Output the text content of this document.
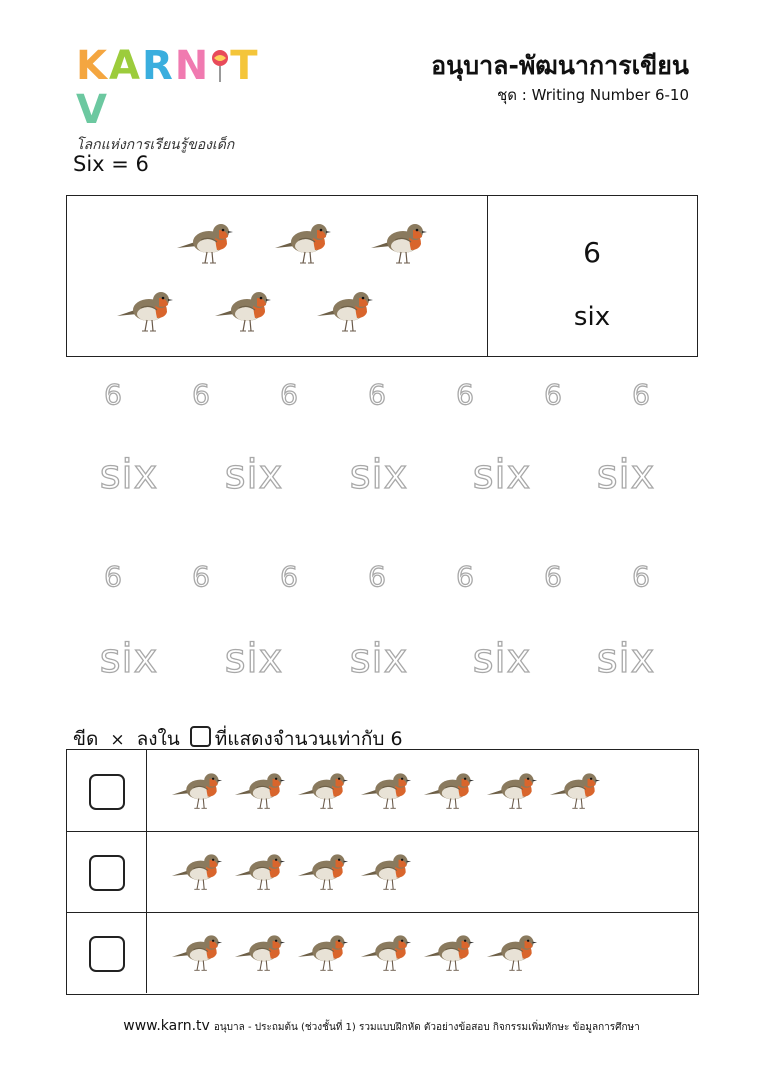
KARN TV
โลกแห่งการเรียนรู้ของเด็ก
อนุบาล-พัฒนาการเขียน
ชุด : Writing Number 6-10
Six = 6
6
six
6	6	6	6	6	6	6
6	6	6	6	6	6	6
six	six	six	six	six
six	six	six	six	six
ขีด × ลงใน ที่แสดงจำนวนเท่ากับ 6
www.karn.tv อนุบาล - ประถมต้น (ช่วงชั้นที่ 1) รวมแบบฝึกหัด ตัวอย่างข้อสอบ กิจกรรมเพิ่มทักษะ ข้อมูลการศึกษา
